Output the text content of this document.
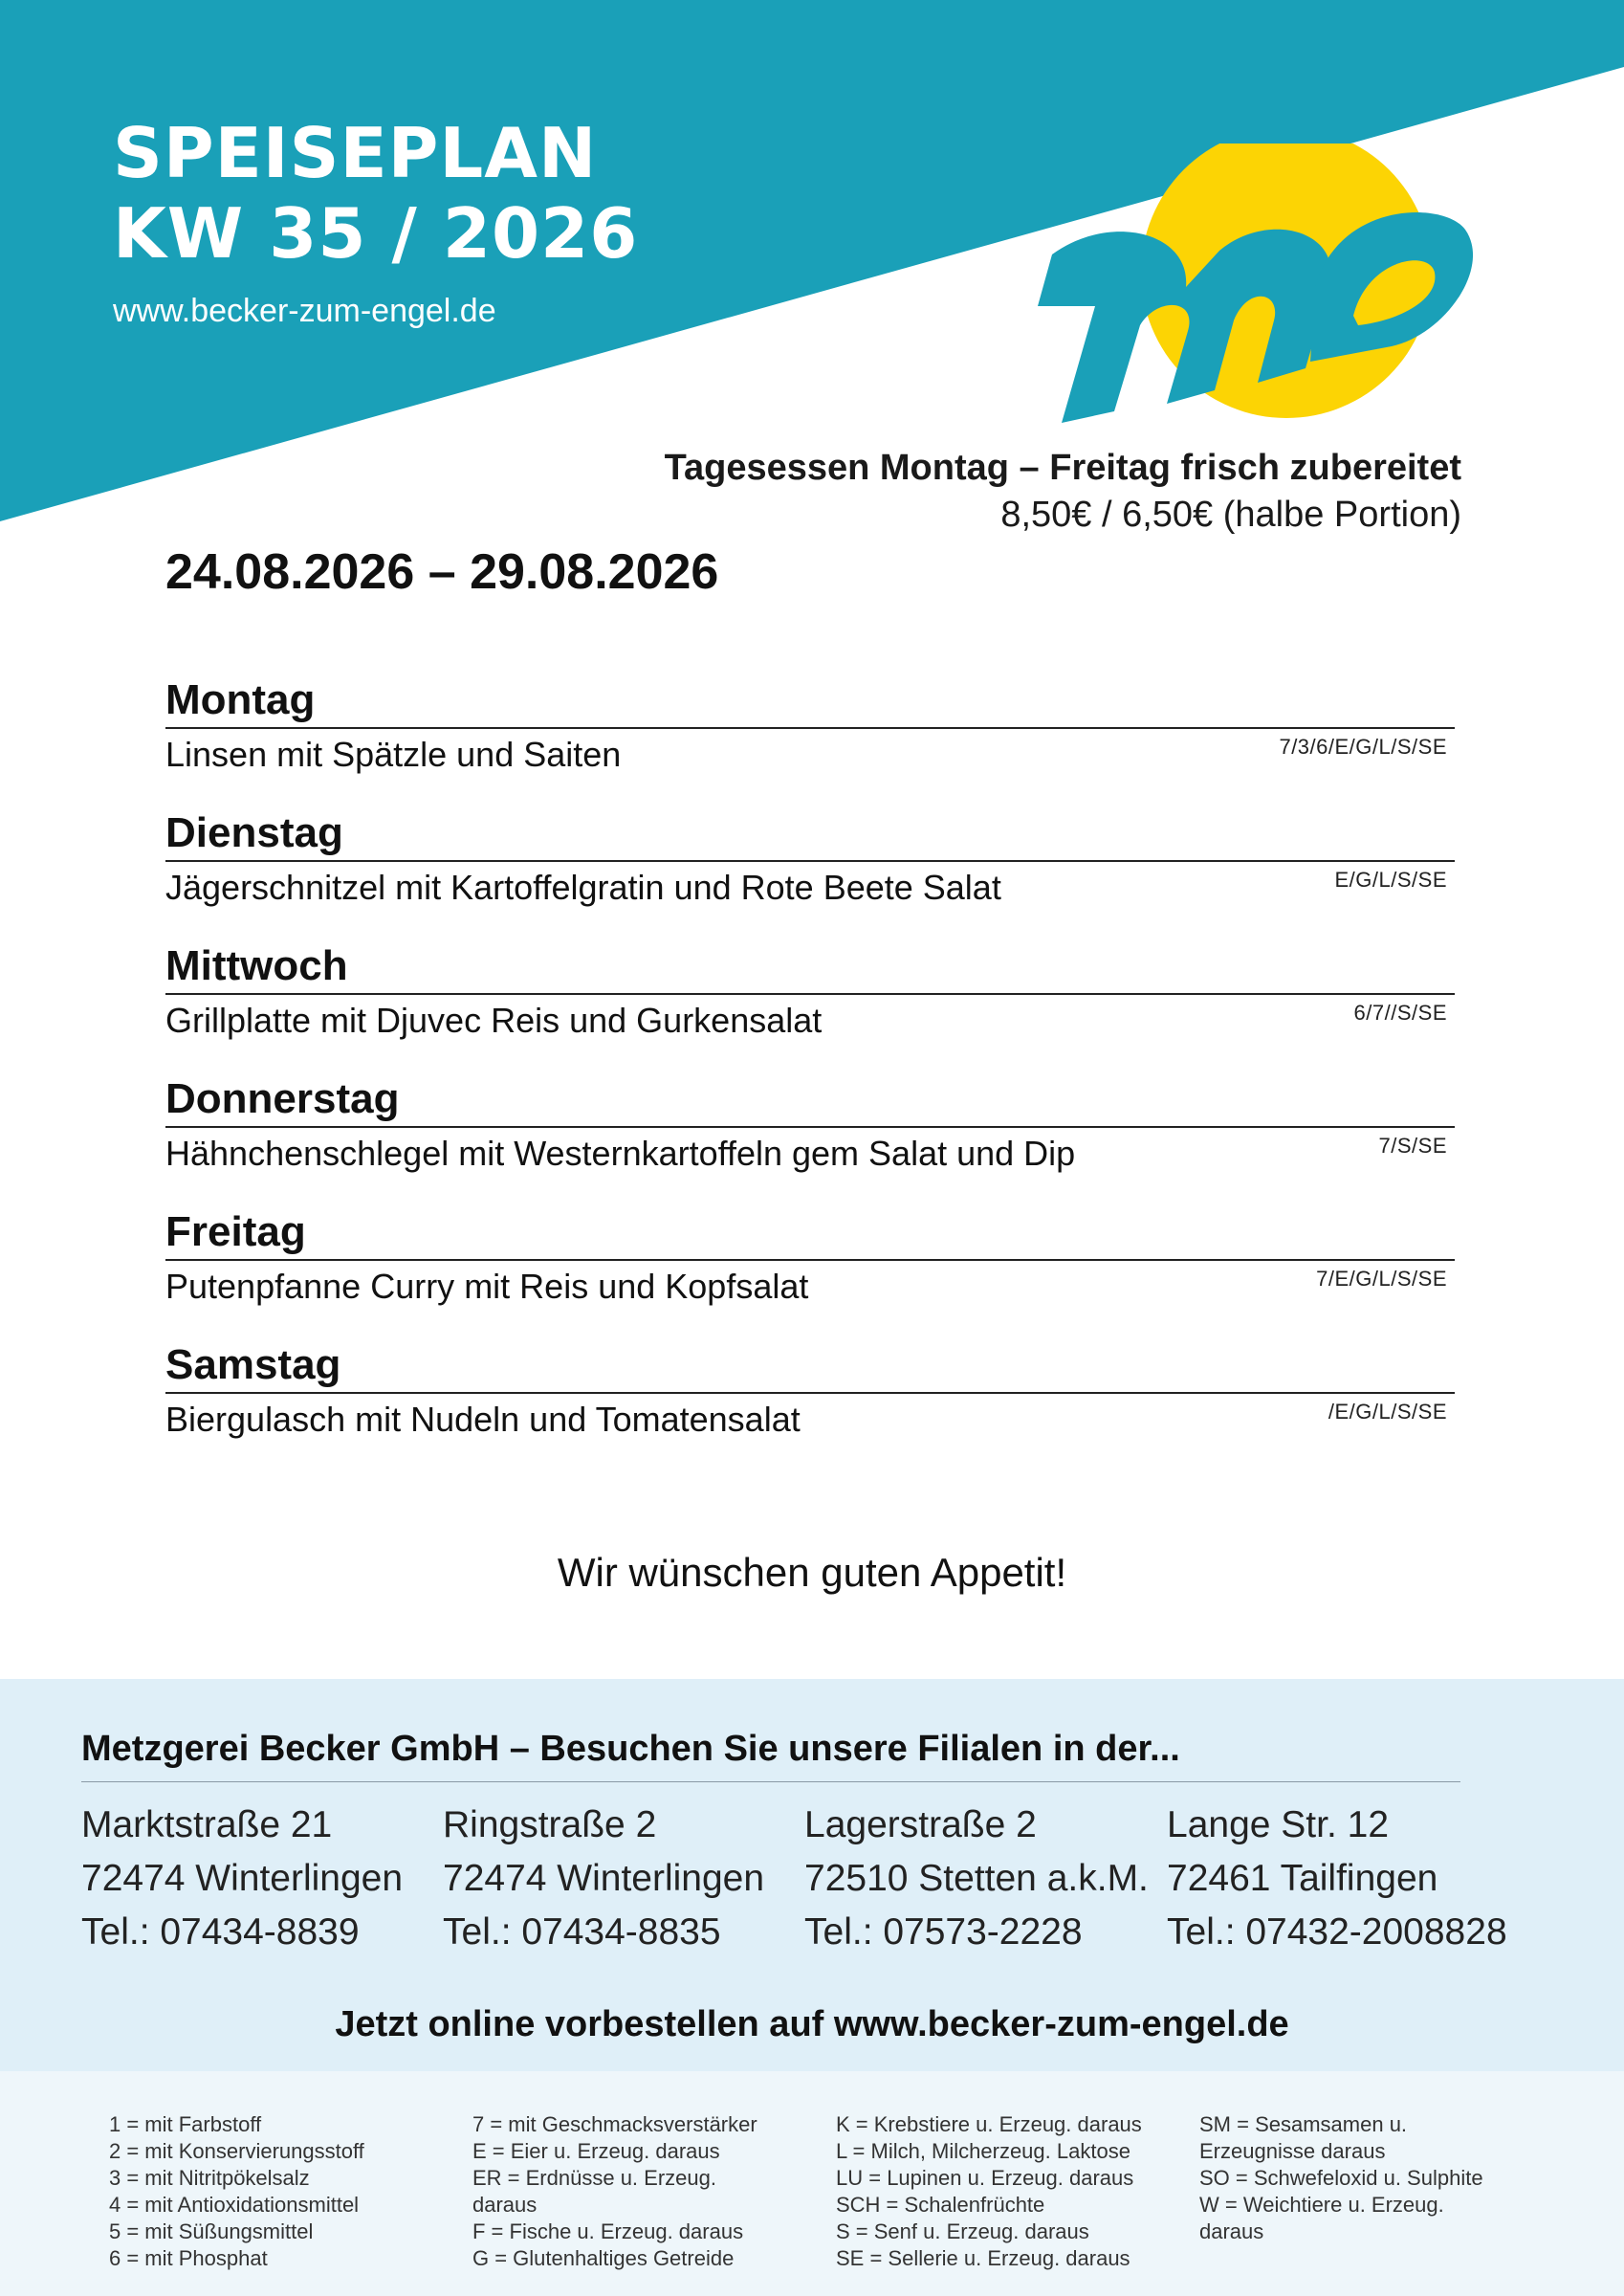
SPEISEPLAN
KW 35 / 2026
www.becker-zum-engel.de
Tagesessen Montag – Freitag frisch zubereitet
8,50€ / 6,50€ (halbe Portion)
24.08.2026 – 29.08.2026
Montag
Linsen mit Spätzle und Saiten	7/3/6/E/G/L/S/SE
Dienstag
Jägerschnitzel mit Kartoffelgratin und Rote Beete Salat	E/G/L/S/SE
Mittwoch
Grillplatte mit Djuvec Reis und Gurkensalat	6/7//S/SE
Donnerstag
Hähnchenschlegel mit Westernkartoffeln gem Salat und Dip	7/S/SE
Freitag
Putenpfanne Curry mit Reis und Kopfsalat	7/E/G/L/S/SE
Samstag
Biergulasch mit Nudeln und Tomatensalat	/E/G/L/S/SE
Wir wünschen guten Appetit!
Metzgerei Becker GmbH – Besuchen Sie unsere Filialen in der...
Marktstraße 21
72474 Winterlingen
Tel.: 07434-8839
Ringstraße 2
72474 Winterlingen
Tel.: 07434-8835
Lagerstraße 2
72510 Stetten a.k.M.
Tel.: 07573-2228
Lange Str. 12
72461 Tailfingen
Tel.: 07432-2008828
Jetzt online vorbestellen auf www.becker-zum-engel.de
1 = mit Farbstoff
2 = mit Konservierungsstoff
3 = mit Nitritpökelsalz
4 = mit Antioxidationsmittel
5 = mit Süßungsmittel
6 = mit Phosphat
7 = mit Geschmacksverstärker
E = Eier u. Erzeug. daraus
ER = Erdnüsse u. Erzeug.
daraus
F = Fische u. Erzeug. daraus
G = Glutenhaltiges Getreide
K = Krebstiere u. Erzeug. daraus
L = Milch, Milcherzeug. Laktose
LU = Lupinen u. Erzeug. daraus
SCH = Schalenfrüchte
S = Senf u. Erzeug. daraus
SE = Sellerie u. Erzeug. daraus
SM = Sesamsamen u.
Erzeugnisse daraus
SO = Schwefeloxid u. Sulphite
W = Weichtiere u. Erzeug.
daraus
